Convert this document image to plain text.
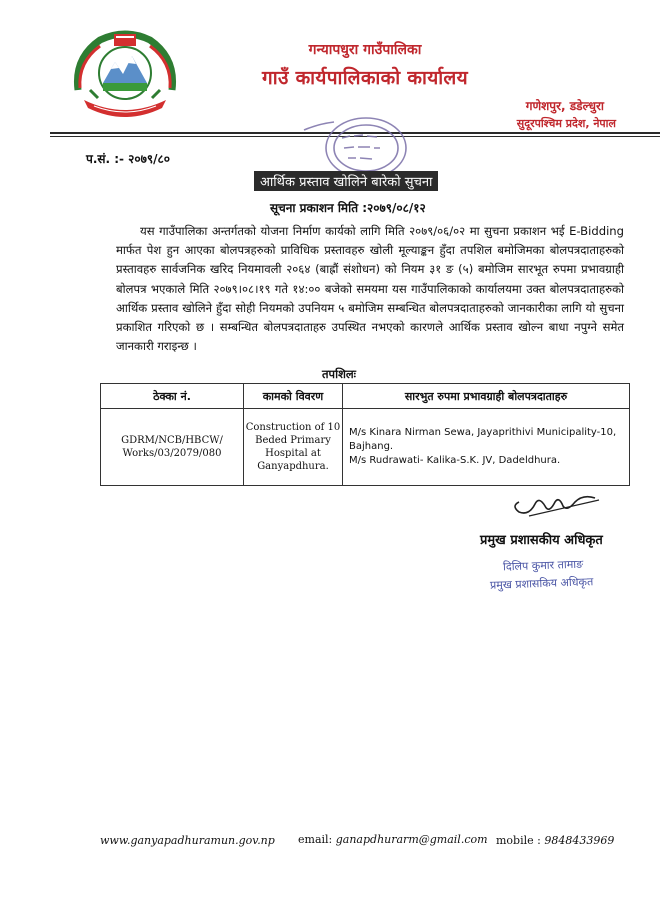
गन्यापधुरा गाउँपालिका
गाउँ कार्यपालिकाको कार्यालय
गणेशपुर, डडेल्धुरा
सुदूरपश्चिम प्रदेश, नेपाल
प.सं. :- २०७९/८०
आर्थिक प्रस्ताव खोलिने बारेको सुचना
सूचना प्रकाशन मिति :२०७९/०८/१२
यस गाउँपालिका अन्तर्गतको योजना निर्माण कार्यको लागि मिति २०७९/०६/०२ मा सुचना प्रकाशन भई E-Bidding मार्फत पेश हुन आएका बोलपत्रहरुको प्राविधिक प्रस्तावहरु खोली मूल्याङ्कन हुँदा तपशिल बमोजिमका बोलपत्रदाताहरुको प्रस्तावहरु सार्वजनिक खरिद नियमावली २०६४ (बाह्रौं संशोधन) को नियम ३१ ङ (५) बमोजिम सारभूत रुपमा प्रभावग्राही बोलपत्र भएकाले मिति २०७९।०८।१९ गते १४:०० बजेको समयमा यस गाउँपालिकाको कार्यालयमा उक्त बोलपत्रदाताहरुको आर्थिक प्रस्ताव खोलिने हुँदा सोही नियमको उपनियम ५ बमोजिम सम्बन्धित बोलपत्रदाताहरुको जानकारीका लागि यो सुचना प्रकाशित गरिएको छ । सम्बन्धित बोलपत्रदाताहरु उपस्थित नभएको कारणले आर्थिक प्रस्ताव खोल्न बाधा नपुग्ने समेत जानकारी गराइन्छ ।
तपशिलः
ठेक्का नं.	कामको विवरण	सारभुत रुपमा प्रभावग्राही बोलपत्रदाताहरु
GDRM/NCB/HBCW/ Works/03/2079/080	Construction of 10 Beded Primary Hospital at Ganyapdhura.	M/s Kinara Nirman Sewa, Jayaprithivi Municipality-10, Bajhang.
M/s Rudrawati- Kalika-S.K. JV, Dadeldhura.
प्रमुख प्रशासकीय अधिकृत
दिलिप कुमार तामाङ
प्रमुख प्रशासकिय अधिकृत
www.ganyapadhuramun.gov.np email: ganapdhurarm@gmail.com mobile : 9848433969
